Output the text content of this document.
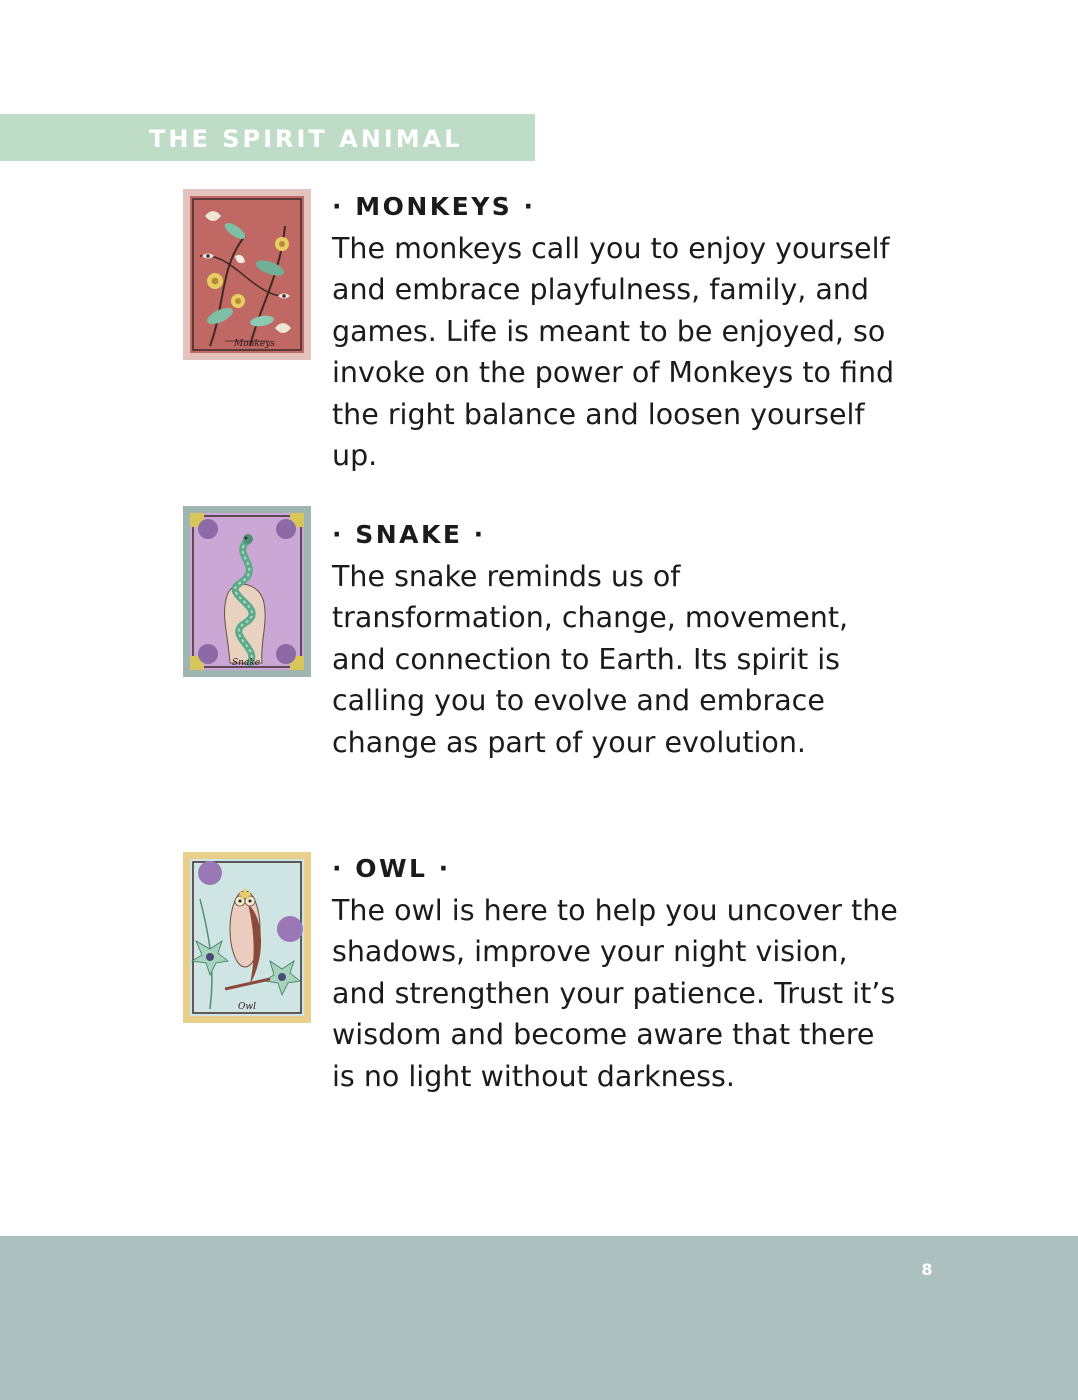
THE SPIRIT ANIMAL
Monkeys
· MONKEYS ·
The monkeys call you to enjoy yourself and embrace playfulness, family, and games. Life is meant to be enjoyed, so invoke on the power of Monkeys to find the right balance and loosen yourself up.
Snake
· SNAKE ·
The snake reminds us of transformation, change, movement, and connection to Earth. Its spirit is calling you to evolve and embrace change as part of your evolution.
Owl
· OWL ·
The owl is here to help you uncover the shadows, improve your night vision, and strengthen your patience. Trust it’s wisdom and become aware that there is no light without darkness.
8
